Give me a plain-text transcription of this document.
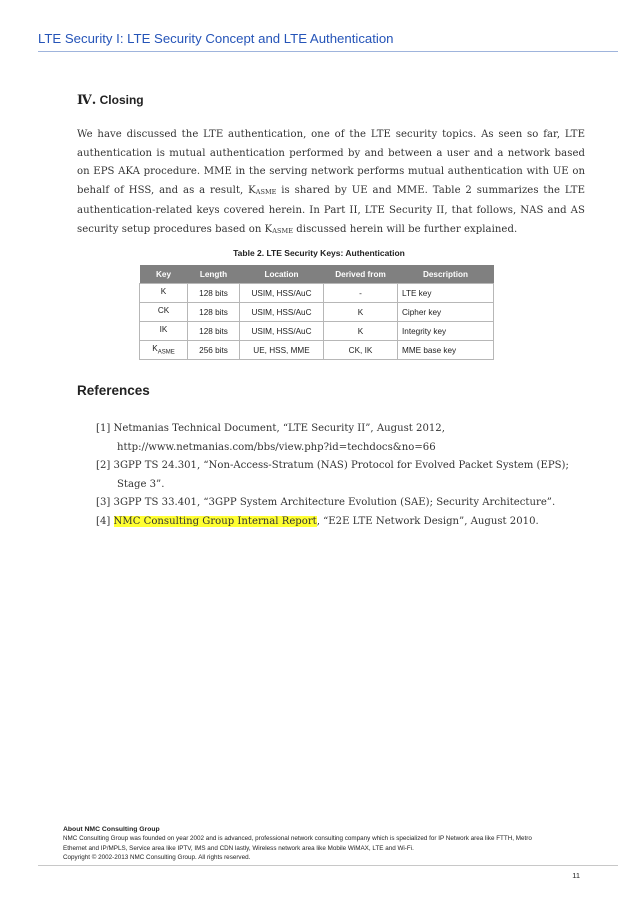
LTE Security I: LTE Security Concept and LTE Authentication
Ⅳ. Closing
We have discussed the LTE authentication, one of the LTE security topics. As seen so far, LTE authentication is mutual authentication performed by and between a user and a network based on EPS AKA procedure. MME in the serving network performs mutual authentication with UE on behalf of HSS, and as a result, $K_{ASME}$ is shared by UE and MME. Table 2 summarizes the LTE authentication-related keys covered herein. In Part II, LTE Security II, that follows, NAS and AS security setup procedures based on $K_{ASME}$ discussed herein will be further explained.
Table 2. LTE Security Keys: Authentication
Key	Length	Location	Derived from	Description
K	128 bits	USIM, HSS/AuC	-	LTE key
CK	128 bits	USIM, HSS/AuC	K	Cipher key
IK	128 bits	USIM, HSS/AuC	K	Integrity key
$K_{ASME}$	256 bits	UE, HSS, MME	CK, IK	MME base key
References
[1] Netmanias Technical Document, “LTE Security II”, August 2012, http://www.netmanias.com/bbs/view.php?id=techdocs&no=66
[2] 3GPP TS 24.301, “Non-Access-Stratum (NAS) Protocol for Evolved Packet System (EPS); Stage 3”.
[3] 3GPP TS 33.401, “3GPP System Architecture Evolution (SAE); Security Architecture”.
[4] NMC Consulting Group Internal Report, “E2E LTE Network Design”, August 2010.
About NMC Consulting Group
NMC Consulting Group was founded on year 2002 and is advanced, professional network consulting company which is specialized for IP Network area like FTTH, Metro
Ethernet and IP/MPLS, Service area like IPTV, IMS and CDN lastly, Wireless network area like Mobile WiMAX, LTE and Wi-Fi.
Copyright © 2002-2013 NMC Consulting Group. All rights reserved.
11
